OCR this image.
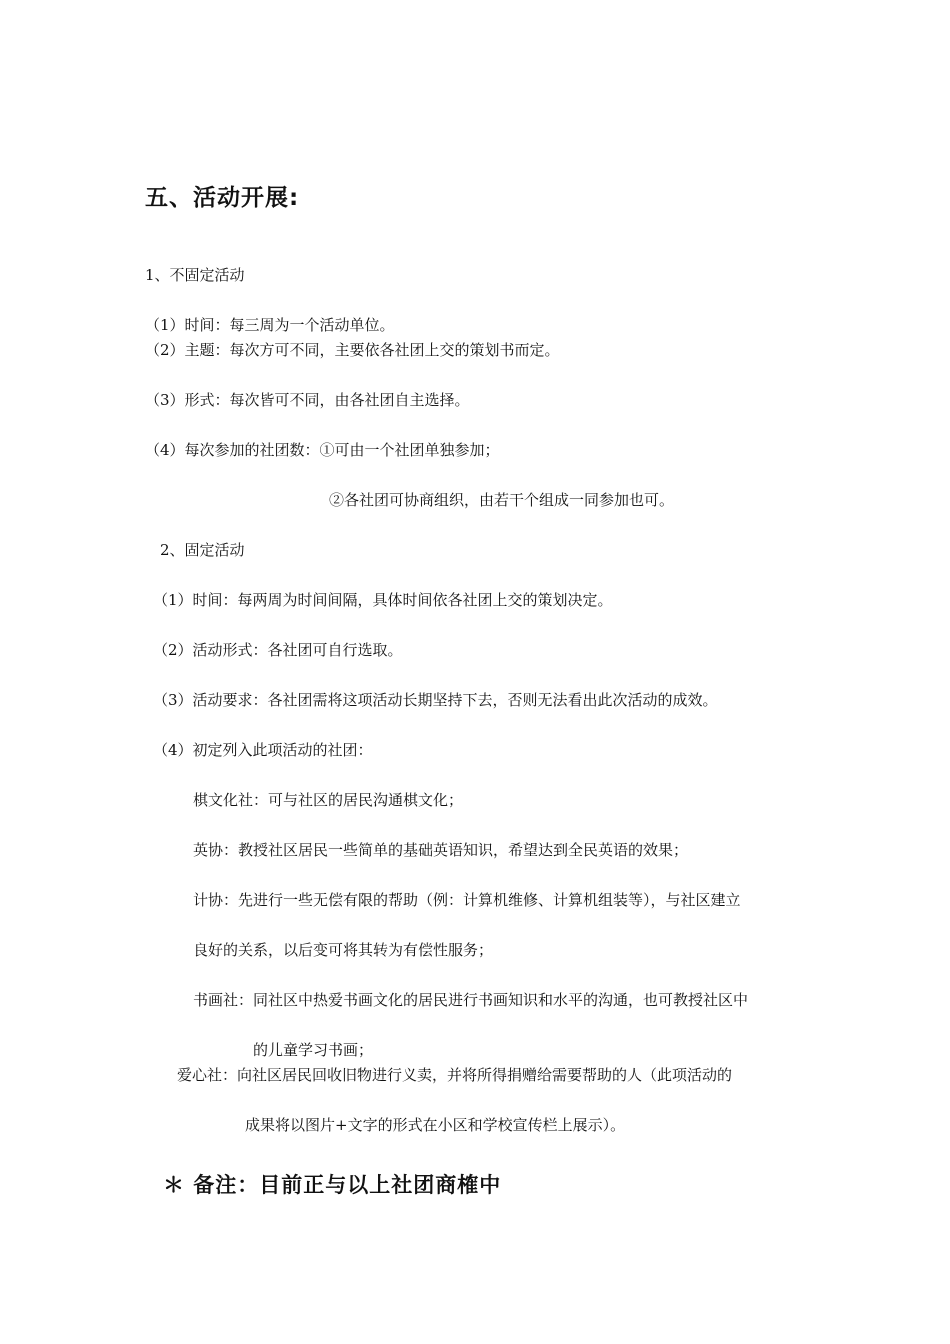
五、活动开展:
1、不固定活动
（1）时间：每三周为一个活动单位。
（2）主题：每次方可不同，主要依各社团上交的策划书而定。
（3）形式：每次皆可不同，由各社团自主选择。
（4）每次参加的社团数：①可由一个社团单独参加；
②各社团可协商组织，由若干个组成一同参加也可。
2、固定活动
（1）时间：每两周为时间间隔，具体时间依各社团上交的策划决定。
（2）活动形式：各社团可自行选取。
（3）活动要求：各社团需将这项活动长期坚持下去，否则无法看出此次活动的成效。
（4）初定列入此项活动的社团：
棋文化社：可与社区的居民沟通棋文化；
英协：教授社区居民一些简单的基础英语知识，希望达到全民英语的效果；
计协：先进行一些无偿有限的帮助（例：计算机维修、计算机组装等），与社区建立
良好的关系，以后变可将其转为有偿性服务；
书画社：同社区中热爱书画文化的居民进行书画知识和水平的沟通，也可教授社区中
的儿童学习书画；
爱心社：向社区居民回收旧物进行义卖，并将所得捐赠给需要帮助的人（此项活动的
成果将以图片+文字的形式在小区和学校宣传栏上展示）。
＊ 备注：目前正与以上社团商榷中
